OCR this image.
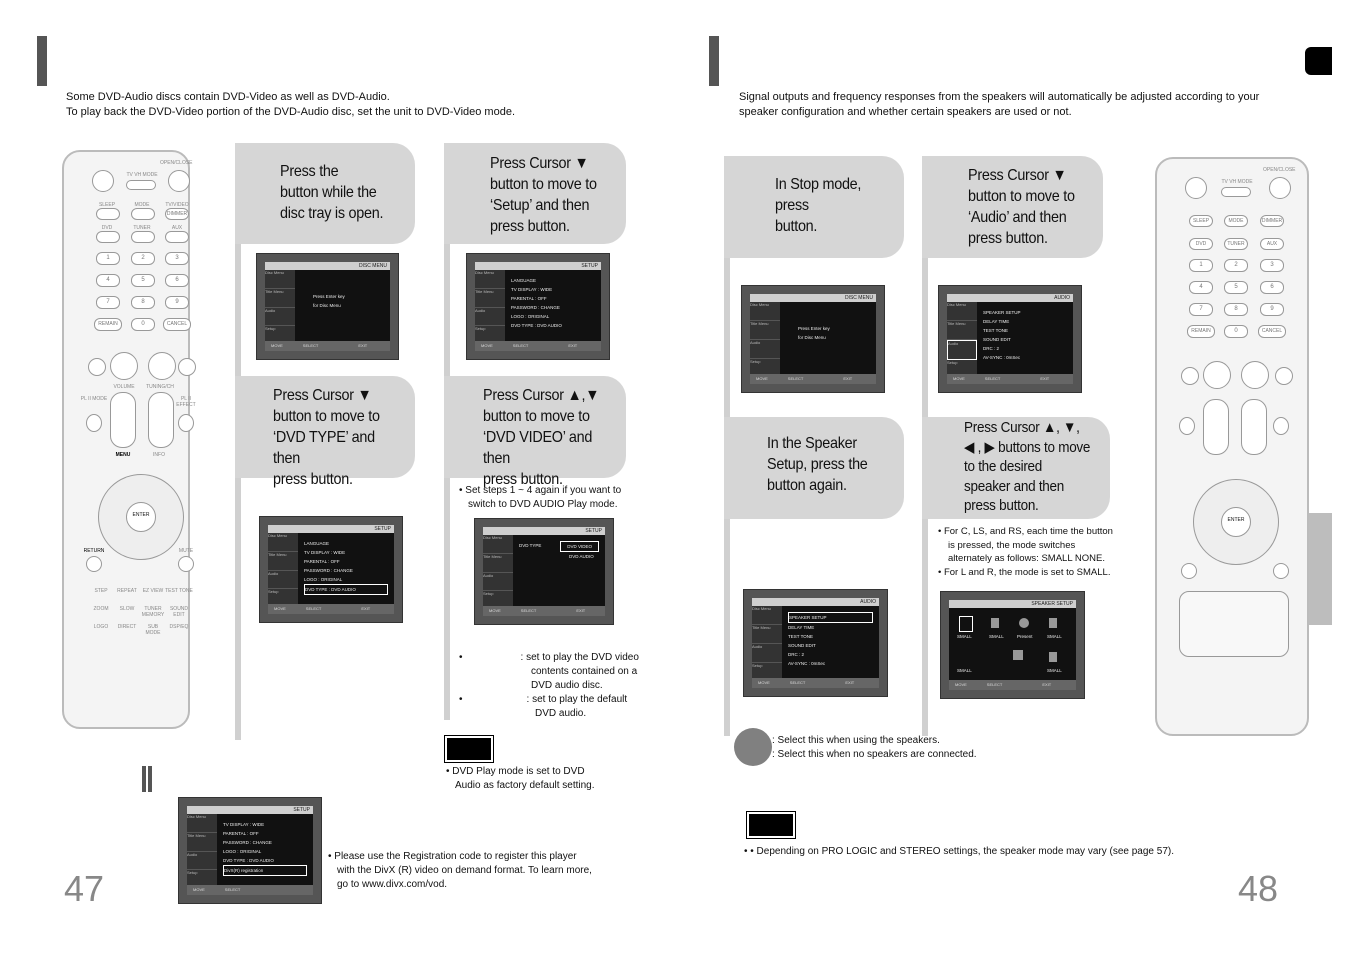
Some DVD-Audio discs contain DVD-Video as well as DVD-Audio.
To play back the DVD-Video portion of the DVD-Audio disc, set the unit to DVD-Video mode.
TV VH MODE
OPEN/CLOSE
SLEEP	MODE	TV/VIDEO
DIMMER
DVD	TUNER	AUX
1	2	3
4	5	6
7	8	9
REMAIN	0	CANCEL
VOLUME	TUNING/CH
PL II MODE	PL II EFFECT
MENU	INFO
ENTER
RETURN	MUTE
STEP	REPEAT	EZ VIEW TEST TONE
ZOOM	SLOW	TUNER MEMORY
SOUND EDIT
LOGO	DIRECT	SUB MODE
DSP/EQ
Press the
button while the
disc tray is open.
Press Cursor ▼
button to move to
‘Setup’ and then
press button.
Press Cursor ▼
button to move to
‘DVD TYPE’ and then
press button.
Press Cursor ▲,▼
button to move to
‘DVD VIDEO’ and then
press button.
DISC MENU
Disc Menu
Title Menu
Audio
Setup
Press Enter key
for Disc Menu
MOVE	SELECT	EXIT
SETUP
Disc Menu
Title Menu
Audio
Setup
LANGUAGE
TV DISPLAY : WIDE
PARENTAL : OFF
PASSWORD : CHANGE
LOGO : ORIGINAL
DVD TYPE : DVD AUDIO
MOVE	SELECT	EXIT
SETUP
Disc Menu
Title Menu
Audio
Setup
LANGUAGE
TV DISPLAY : WIDE
PARENTAL : OFF
PASSWORD : CHANGE
LOGO : ORIGINAL
DVD TYPE : DVD AUDIO
MOVE	SELECT	EXIT
SETUP
Disc Menu
Title Menu
Audio
Setup
DVD TYPE	DVD VIDEO
DVD AUDIO
MOVE	SELECT	EXIT
• Set steps 1 ~ 4 again if you want to
switch to DVD AUDIO Play mode.
•	: set to play the DVD video
contents contained on a
DVD audio disc.
•	: set to play the default
DVD audio.
• DVD Play mode is set to DVD
Audio as factory default setting.
SETUP
Disc Menu
Title Menu
Audio
Setup
TV DISPLAY : WIDE
PARENTAL : OFF
PASSWORD : CHANGE
LOGO : ORIGINAL
DVD TYPE : DVD AUDIO
DivX(R) registration
MOVE	SELECT
• Please use the Registration code to register this player
with the DivX (R) video on demand format. To learn more,
go to www.divx.com/vod.
47
Signal outputs and frequency responses from the speakers will automatically be adjusted according to your
speaker configuration and whether certain speakers are used or not.
In Stop mode,
press
button.
Press Cursor ▼
button to move to
‘Audio’ and then
press button.
In the Speaker
Setup, press the
button again.
Press Cursor ▲, ▼,
◀ , ▶ buttons to move
to the desired
speaker and then
press button.
DISC MENU
Disc Menu
Title Menu
Audio
Setup
Press Enter key
for Disc Menu
MOVE	SELECT	EXIT
AUDIO
Disc Menu
Title Menu
Audio
Setup
SPEAKER SETUP
DELAY TIME
TEST TONE
SOUND EDIT
DRC : 2
AV-SYNC : 0mSec
MOVE	SELECT	EXIT
AUDIO
Disc Menu
Title Menu
Audio
Setup
SPEAKER SETUP
DELAY TIME
TEST TONE
SOUND EDIT
DRC : 2
AV-SYNC : 0mSec
MOVE	SELECT	EXIT
SPEAKER SETUP
SMALL	SMALL	Present	SMALL
SMALL	SMALL
MOVE	SELECT	EXIT
• For C, LS, and RS, each time the button
is pressed, the mode switches
alternately as follows: SMALL NONE.
• For L and R, the mode is set to SMALL.
: Select this when using the speakers.
: Select this when no speakers are connected.
• • Depending on PRO LOGIC and STEREO settings, the speaker mode may vary (see page 57).
TV VH MODE
OPEN/CLOSE
SLEEP	MODE	DIMMER
DVD	TUNER	AUX
1	2	3
4	5	6
7	8	9
REMAIN	0	CANCEL
ENTER
48
